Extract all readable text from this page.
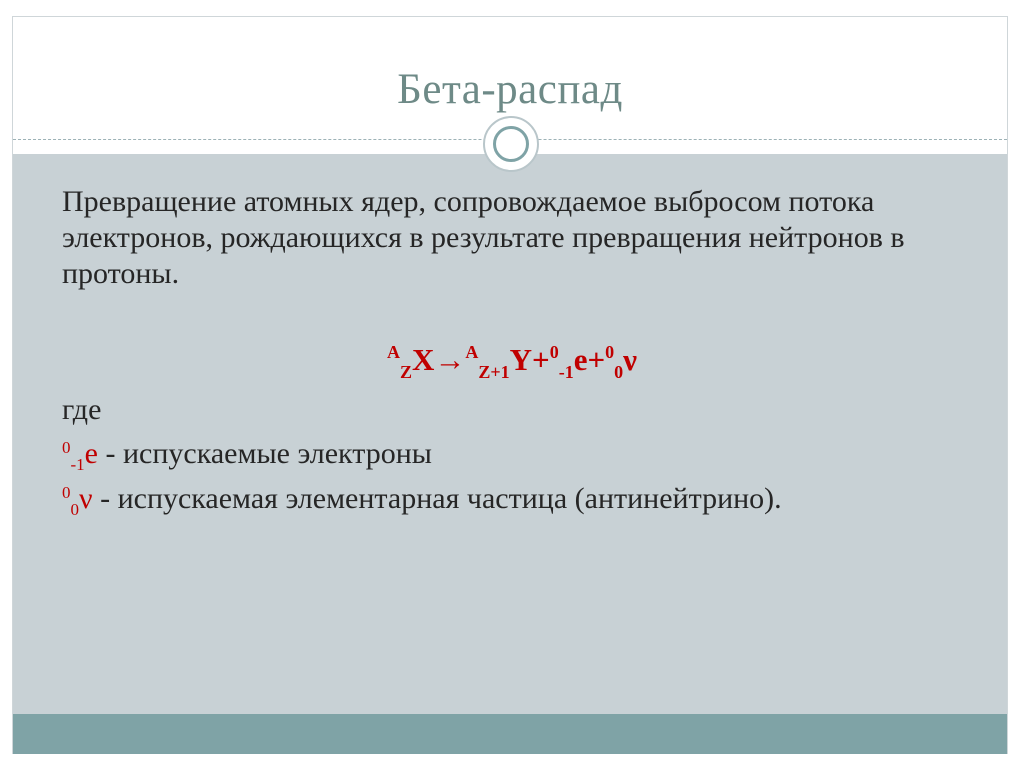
Бета-распад
Превращение атомных ядер, сопровождаемое выбросом потока электронов, рождающихся в результате превращения нейтронов в протоны.
$^A_Z$X→$^A_{Z+1}$Y+$^0_{-1}$e+$^0_0$ν
где
$^0_{-1}$e - испускаемые электроны
$^0_0$ν - испускаемая элементарная частица (антинейтрино).
